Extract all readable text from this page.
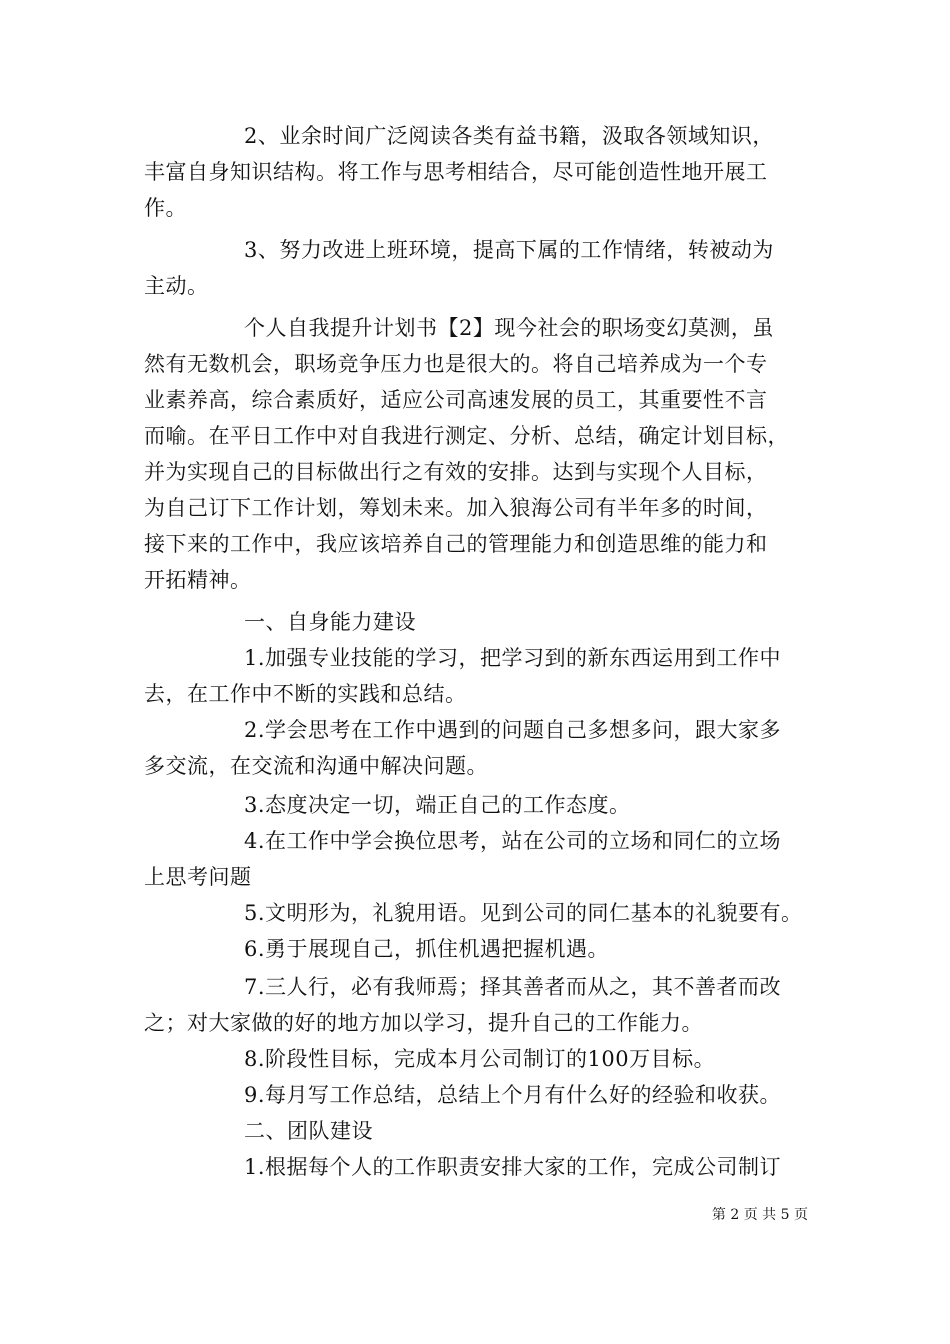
2、业余时间广泛阅读各类有益书籍，汲取各领域知识，
丰富自身知识结构。将工作与思考相结合，尽可能创造性地开展工
作。
3、努力改进上班环境，提高下属的工作情绪，转被动为
主动。
个人自我提升计划书【2】现今社会的职场变幻莫测，虽
然有无数机会，职场竞争压力也是很大的。将自己培养成为一个专
业素养高，综合素质好，适应公司高速发展的员工，其重要性不言
而喻。在平日工作中对自我进行测定、分析、总结，确定计划目标，
并为实现自己的目标做出行之有效的安排。达到与实现个人目标，
为自己订下工作计划，筹划未来。加入狼海公司有半年多的时间，
接下来的工作中，我应该培养自己的管理能力和创造思维的能力和
开拓精神。
一、自身能力建设
1.加强专业技能的学习，把学习到的新东西运用到工作中
去，在工作中不断的实践和总结。
2.学会思考在工作中遇到的问题自己多想多问，跟大家多
多交流，在交流和沟通中解决问题。
3.态度决定一切，端正自己的工作态度。
4.在工作中学会换位思考，站在公司的立场和同仁的立场
上思考问题
5.文明形为，礼貌用语。见到公司的同仁基本的礼貌要有。
6.勇于展现自己，抓住机遇把握机遇。
7.三人行，必有我师焉；择其善者而从之，其不善者而改
之；对大家做的好的地方加以学习，提升自己的工作能力。
8.阶段性目标，完成本月公司制订的100万目标。
9.每月写工作总结，总结上个月有什么好的经验和收获。
二、团队建设
1.根据每个人的工作职责安排大家的工作，完成公司制订
第 2 页 共 5 页
